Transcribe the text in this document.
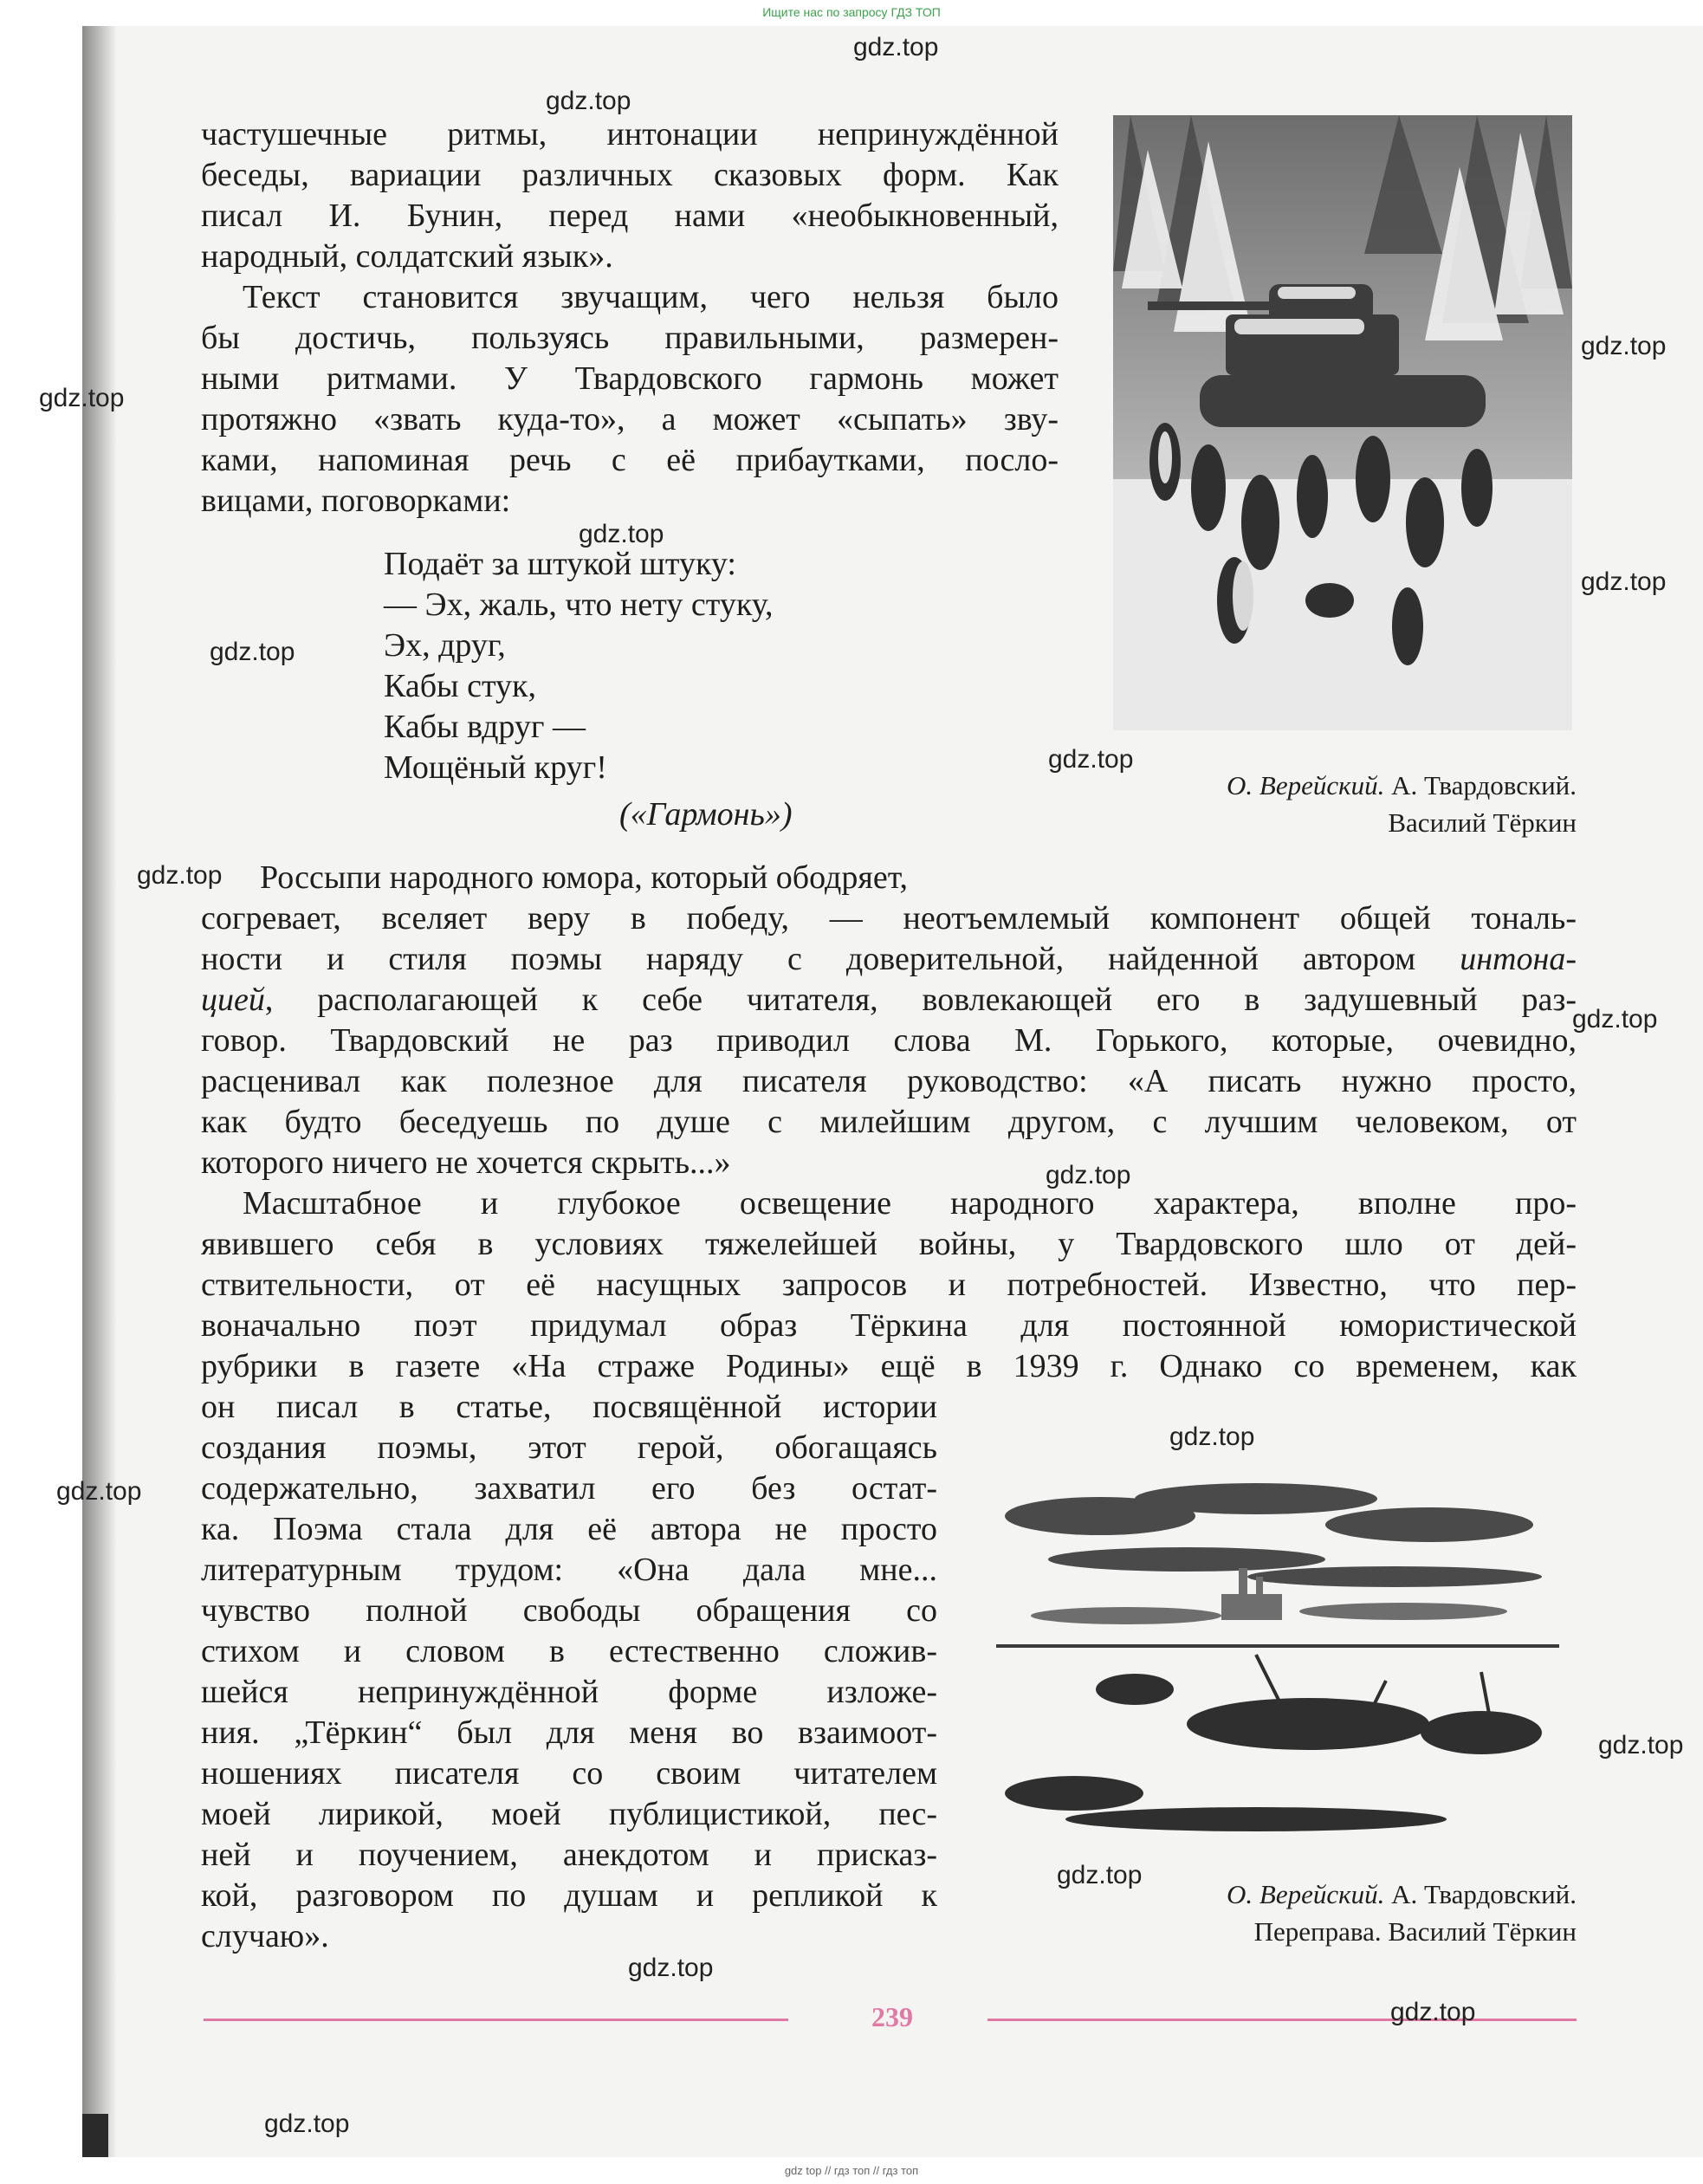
Ищите нас по запросу ГДЗ ТОП
частушечные ритмы, интонации непринуждённой
беседы, вариации различных сказовых форм. Как
писал И. Бунин, перед нами «необыкновенный,
народный, солдатский язык».
Текст становится звучащим, чего нельзя было
бы достичь, пользуясь правильными, размерен-
ными ритмами. У Твардовского гармонь может
протяжно «звать куда-то», а может «сыпать» зву-
ками, напоминая речь с её прибаутками, посло-
вицами, поговорками:
Подаёт за штукой штуку:
— Эх, жаль, что нету стуку,
Эх, друг,
Кабы стук,
Кабы вдруг —
Мощёный круг!
(«Гармонь»)
О. Верейский. А. Твардовский.
Василий Тёркин
Россыпи народного юмора, который ободряет,
согревает, вселяет веру в победу, — неотъемлемый компонент общей тональ-
ности и стиля поэмы наряду с доверительной, найденной автором интона-
цией, располагающей к себе читателя, вовлекающей его в задушевный раз-
говор. Твардовский не раз приводил слова М. Горького, которые, очевидно,
расценивал как полезное для писателя руководство: «А писать нужно просто,
как будто беседуешь по душе с милейшим другом, с лучшим человеком, от
которого ничего не хочется скрыть...»
Масштабное и глубокое освещение народного характера, вполне про-
явившего себя в условиях тяжелейшей войны, у Твардовского шло от дей-
ствительности, от её насущных запросов и потребностей. Известно, что пер-
воначально поэт придумал образ Тёркина для постоянной юмористической
рубрики в газете «На страже Родины» ещё в 1939 г. Однако со временем, как
он писал в статье, посвящённой истории
создания поэмы, этот герой, обогащаясь
содержательно, захватил его без остат-
ка. Поэма стала для её автора не просто
литературным трудом: «Она дала мне...
чувство полной свободы обращения со
стихом и словом в естественно сложив-
шейся непринуждённой форме изложе-
ния. „Тёркин“ был для меня во взаимоот-
ношениях писателя со своим читателем
моей лирикой, моей публицистикой, пес-
ней и поучением, анекдотом и присказ-
кой, разговором по душам и репликой к
случаю».
О. Верейский. А. Твардовский.
Переправа. Василий Тёркин
239
gdz.top
gdz.top
gdz.top
gdz.top
gdz.top
gdz.top
gdz.top
gdz.top
gdz.top
gdz.top
gdz.top
gdz.top
gdz.top
gdz.top
gdz.top
gdz.top
gdz.top
gdz.top
gdz top // гдз топ // гдз топ
